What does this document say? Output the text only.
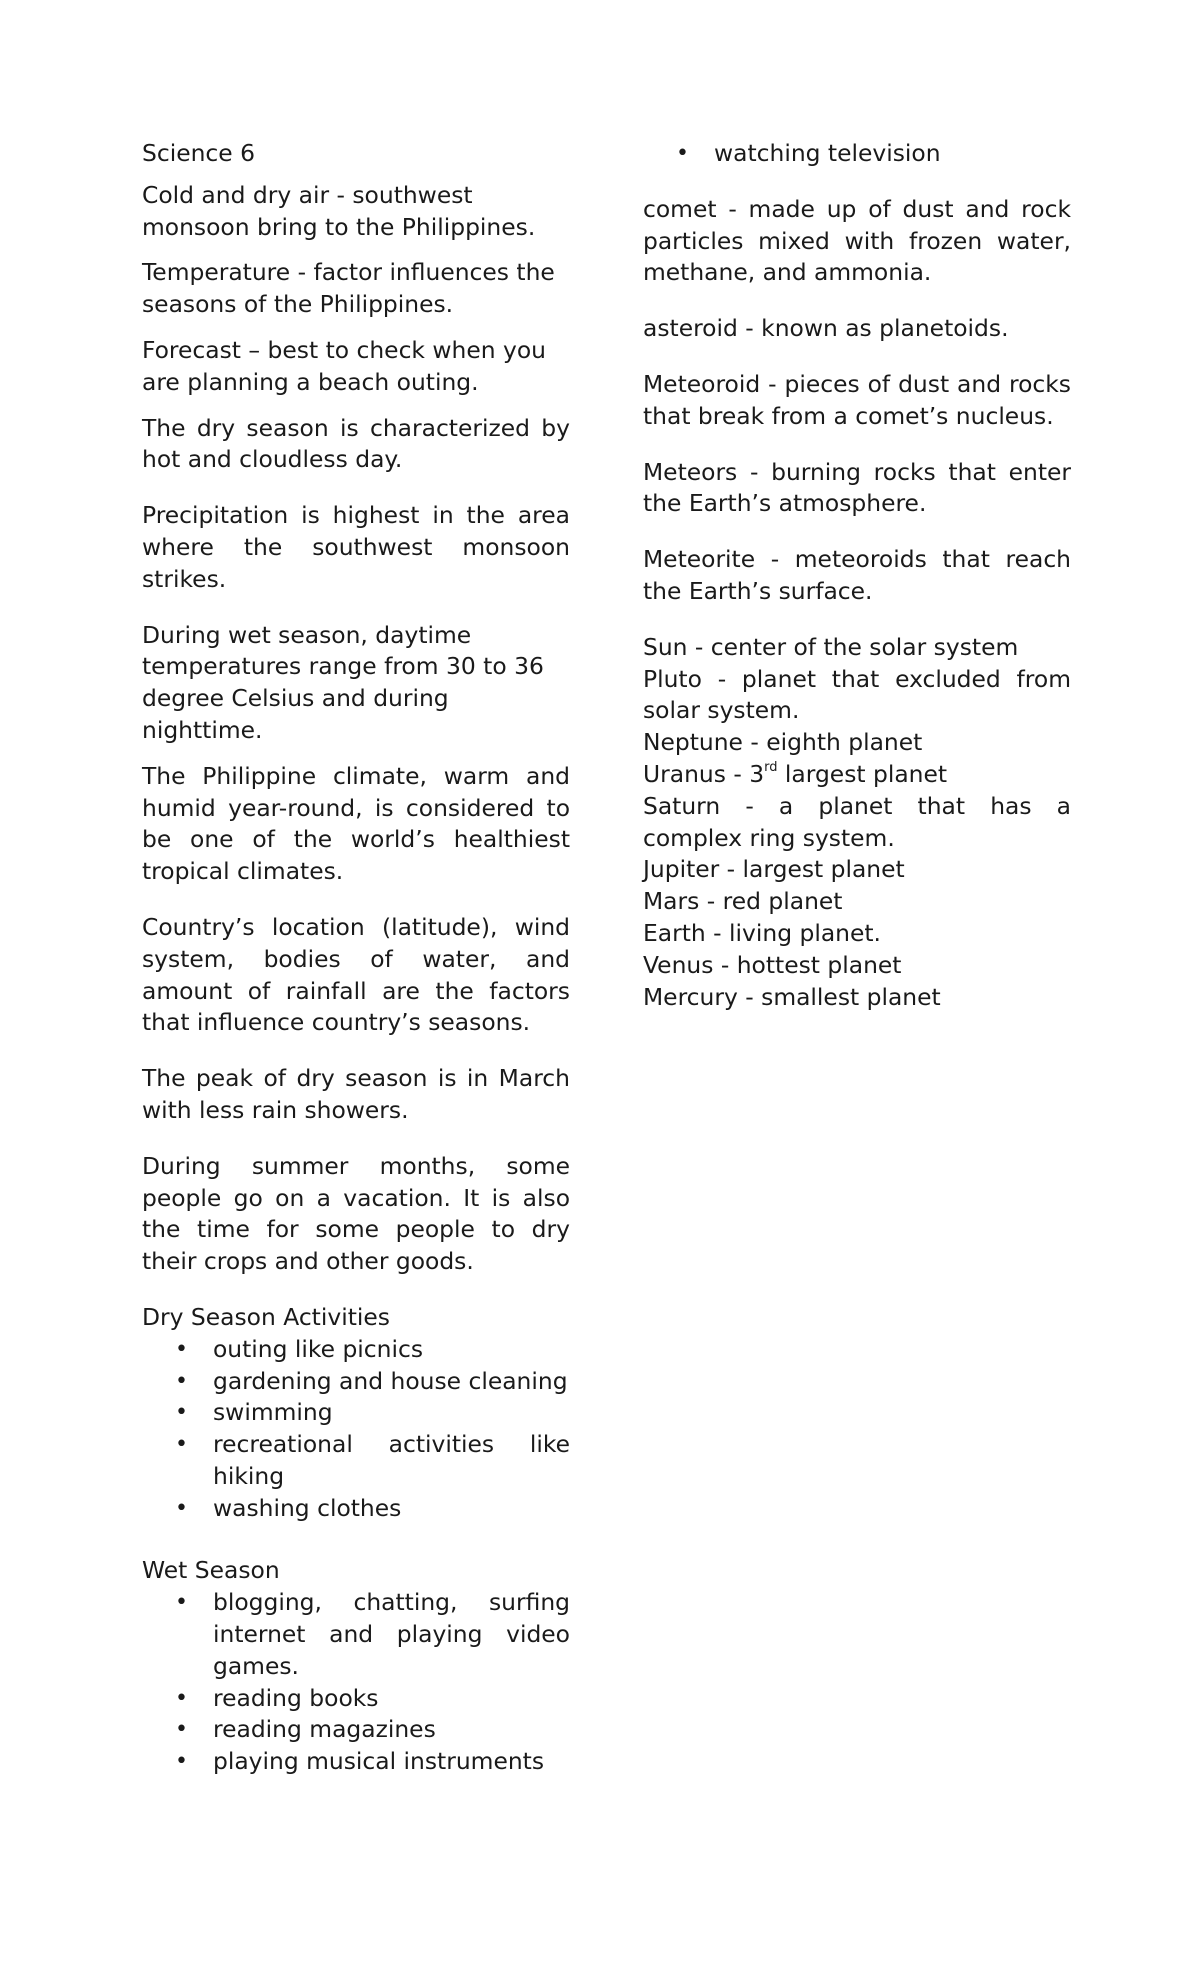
Science 6

Cold and dry air - southwest monsoon bring to the Philippines.

Temperature - factor influences the seasons of the Philippines.

Forecast – best to check when you are planning a beach outing.

The dry season is characterized by hot and cloudless day.

Precipitation is highest in the area where the southwest monsoon strikes.

During wet season, daytime temperatures range from 30 to 36 degree Celsius and during nighttime.

The Philippine climate, warm and humid year-round, is considered to be one of the world’s healthiest tropical climates.

Country’s location (latitude), wind system, bodies of water, and amount of rainfall are the factors that influence country’s seasons.

The peak of dry season is in March with less rain showers.

During summer months, some people go on a vacation. It is also the time for some people to dry their crops and other goods.

Dry Season Activities

• outing like picnics
• gardening and house cleaning
• swimming
• recreational activities like hiking
• washing clothes

Wet Season

• blogging, chatting, surfing internet and playing video games.
• reading books
• reading magazines
• playing musical instruments
• watching television

comet - made up of dust and rock particles mixed with frozen water, methane, and ammonia.

asteroid - known as planetoids.

Meteoroid - pieces of dust and rocks that break from a comet’s nucleus.

Meteors - burning rocks that enter the Earth’s atmosphere.

Meteorite - meteoroids that reach the Earth’s surface.

Sun - center of the solar system

Pluto - planet that excluded from solar system.

Neptune - eighth planet

Uranus - 3rd largest planet

Saturn - a planet that has a complex ring system.

Jupiter - largest planet

Mars - red planet

Earth - living planet.

Venus - hottest planet

Mercury - smallest planet
